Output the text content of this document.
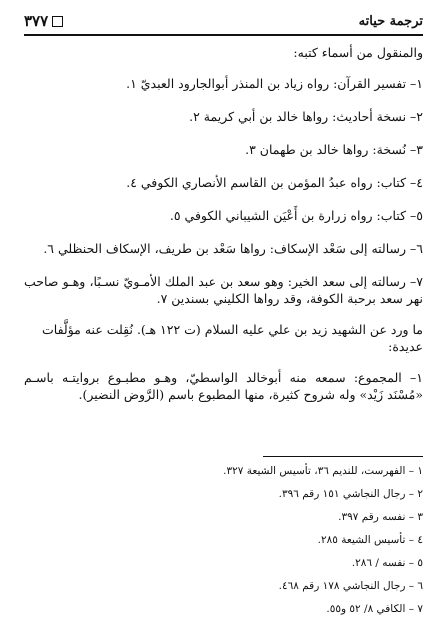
٣٧٧	ترجمة حياته

والمنقول من أسماء كتبه:

١– تفسير القرآن: رواه زياد بن المنذر أبوالجارود العبديّ ١.

٢– نسخة أحاديث: رواها خالد بن أبي كريمة ٢.

٣– نُسخة: رواها خالد بن طهمان ٣.

٤– كتاب: رواه عبدُ المؤمن بن القاسم الأنصاري الكوفي ٤.

٥– كتاب: رواه زرارة بن أَعْيَن الشيباني الكوفي ٥.

٦– رسالته إلى سَعْد الإسكاف: رواها سَعْد بن طريف، الإسكاف الحنظلي ٦.

٧– رسالته إلى سعد الخير: وهو سعد بن عبد الملك الأمـويّ نسـبًا، وهـو صاحب نهر سعد برحبة الكوفة، وقد رواها الكليني بسندين ٧.

ما ورد عن الشهيد زيد بن علي عليه السلام (ت ١٢٢ هـ). نُقِلت عنه مؤلَّفات عديدة:

١– المجموع: سمعه منه أبوخالد الواسطيّ، وهـو مطبـوع بروايتـه باسـم «مُسْنَد زَيْد» وله شروح كثيرة، منها المطبوع باسم (الرَّوض النضير).

١ – الفهرست، للنديم ٣٦، تأسيس الشيعة ٣٢٧.

٢ – رجال النجاشي ١٥١ رقم ٣٩٦.

٣ – نفسه رقم ٣٩٧.

٤ – تأسيس الشيعة ٢٨٥.

٥ – نفسه / ٢٨٦.

٦ – رجال النجاشي ١٧٨ رقم ٤٦٨.

٧ – الكافي ٨/ ٥٢ و٥٥.
